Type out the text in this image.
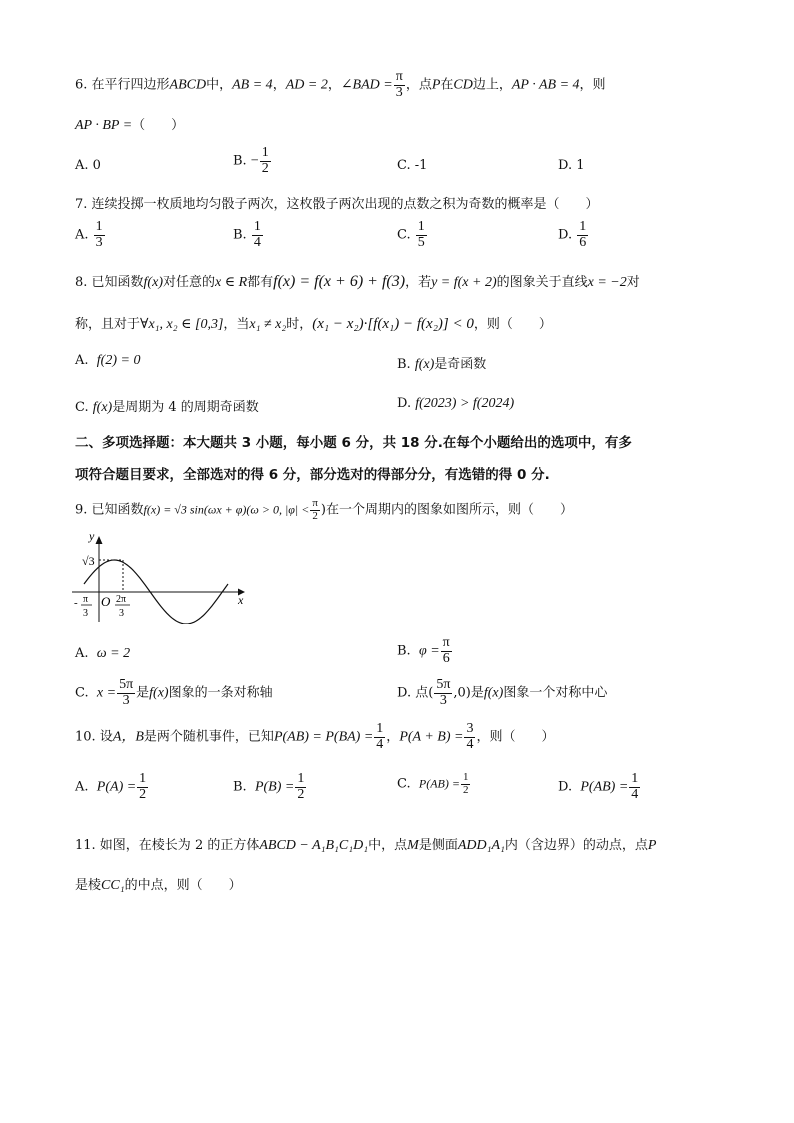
6. 在平行四边形ABCD中，AB = 4，AD = 2，∠BAD = $\frac{\pi}{3}$ ，点P在CD边上，AP · AB = 4，则
AP · BP =（　　）
A. 0	B. − $\frac{1}{2}$	C. -1	D. 1
7. 连续投掷一枚质地均匀骰子两次，这枚骰子两次出现的点数之积为奇数的概率是（　　）
A. $\frac{1}{3}$	B. $\frac{1}{4}$	C. $\frac{1}{5}$	D. $\frac{1}{6}$
8. 已知函数f(x)对任意的x ∈ R都有f(x) = f(x + 6) + f(3)，若y = f(x + 2)的图象关于直线x = −2对
称，且对于∀x₁, x₂ ∈ [0,3]，当x₁ ≠ x₂时，(x₁ − x₂)·[f(x₁) − f(x₂)] < 0，则（　　）
A. f(2) = 0	B. f(x)是奇函数
C. f(x)是周期为 4 的周期奇函数	D. f(2023) > f(2024)
二、多项选择题：本大题共 3 小题，每小题 6 分，共 18 分.在每个小题给出的选项中，有多
项符合题目要求，全部选对的得 6 分，部分选对的得部分分，有选错的得 0 分.
9. 已知函数f(x) = √3 sin(ωx + φ)(ω > 0, $|\varphi| < \frac{\pi}{2}$ )在一个周期内的图象如图所示，则（　　）
y
x
√3
O
- π
3
2π
3
A. ω = 2	B. $\varphi = \frac{\pi}{6}$
C. $x = \frac{5\pi}{3}$ 是f(x)图象的一条对称轴	D. 点( $\frac{5\pi}{3} ,0$)是f(x)图象一个对称中心
10. 设A，B是两个随机事件，已知$P(AB) = P(BA) = \frac{1}{4}$ ，$P(A + B) = \frac{3}{4}$ ，则（　　）
A. $P(A) = \frac{1}{2}$	B. $P(B) = \frac{1}{2}$	C. $P(AB) = \frac{1}{2}$	D. $P(AB) = \frac{1}{4}$
11. 如图，在棱长为 2 的正方体ABCD − A₁B₁C₁D₁中，点M是侧面ADD₁A₁内（含边界）的动点，点P
是棱CC₁的中点，则（　　）
